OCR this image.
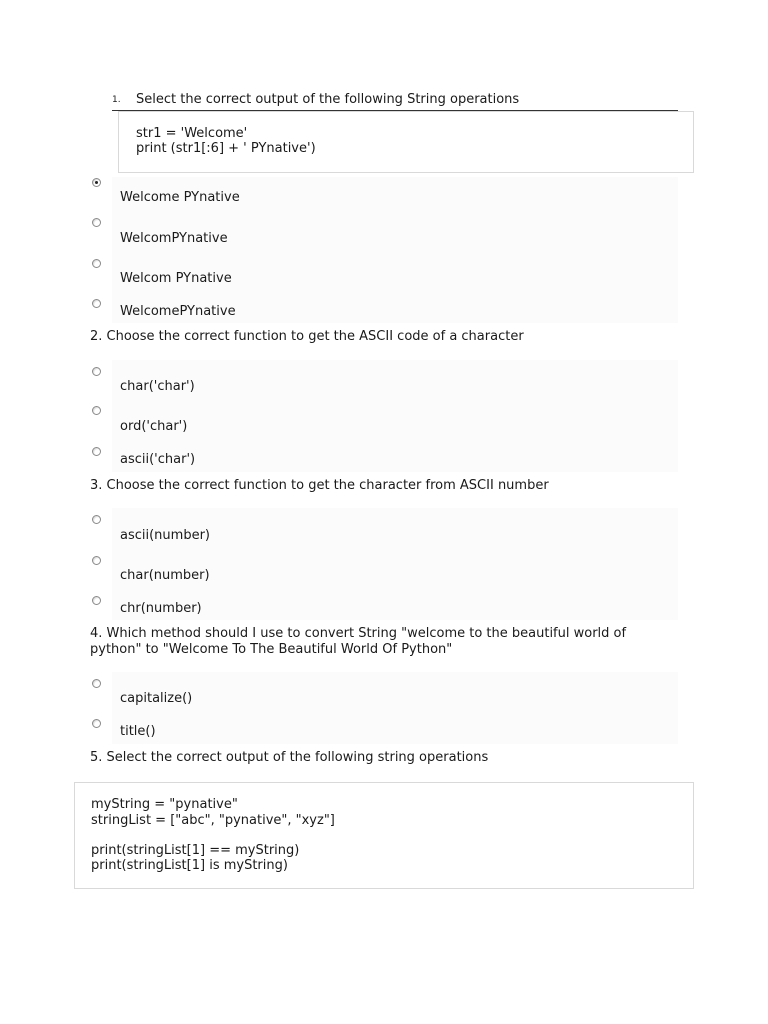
1. Select the correct output of the following String operations
str1 = 'Welcome'
print (str1[:6] + ' PYnative')
Welcome PYnative
WelcomPYnative
Welcom PYnative
WelcomePYnative
2. Choose the correct function to get the ASCII code of a character
char('char')
ord('char')
ascii('char')
3. Choose the correct function to get the character from ASCII number
ascii(number)
char(number)
chr(number)
4. Which method should I use to convert String "welcome to the beautiful world of
python" to "Welcome To The Beautiful World Of Python"
capitalize()
title()
5. Select the correct output of the following string operations
myString = "pynative"
stringList = ["abc", "pynative", "xyz"]
print(stringList[1] == myString)
print(stringList[1] is myString)
